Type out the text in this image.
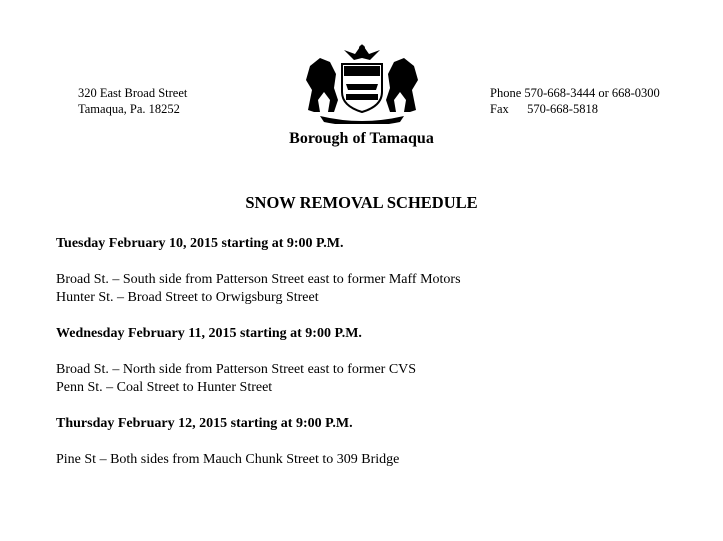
320 East Broad Street
Tamaqua, Pa. 18252
Phone 570-668-3444 or 668-0300
Fax 570-668-5818
Borough of Tamaqua
SNOW REMOVAL SCHEDULE

Tuesday February 10, 2015 starting at 9:00 P.M.

Broad St. – South side from Patterson Street east to former Maff Motors

Hunter St. – Broad Street to Orwigsburg Street

Wednesday February 11, 2015 starting at 9:00 P.M.

Broad St. – North side from Patterson Street east to former CVS

Penn St. – Coal Street to Hunter Street

Thursday February 12, 2015 starting at 9:00 P.M.

Pine St – Both sides from Mauch Chunk Street to 309 Bridge
